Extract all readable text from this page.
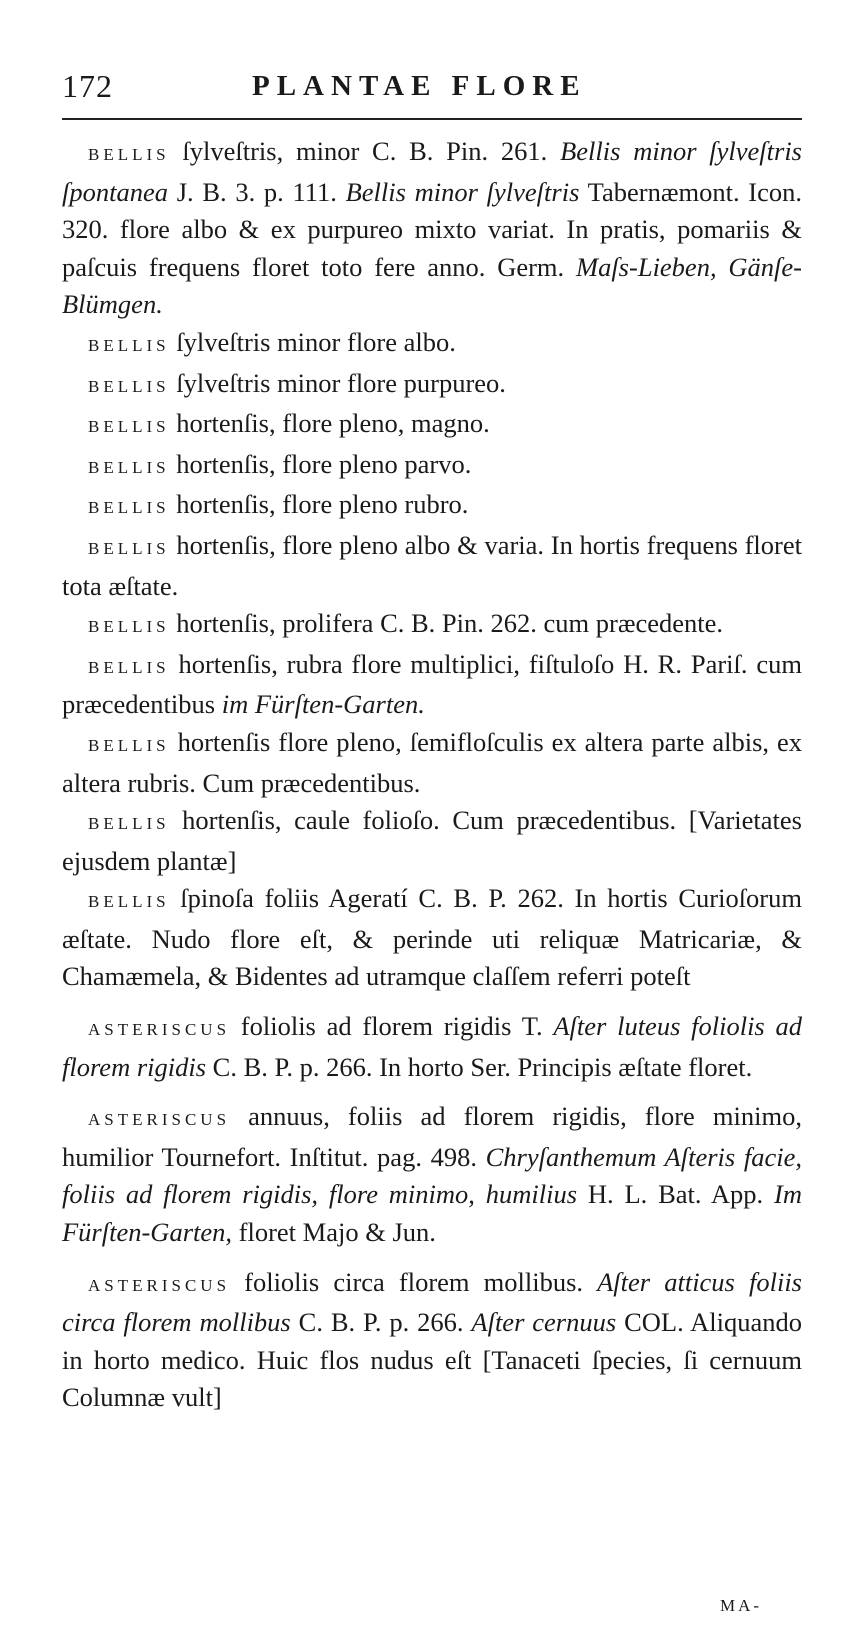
172	PLANTAE FLORE

BELLIS ſylveſtris, minor C. B. Pin. 261. Bellis minor ſylveſtris ſpontanea J. B. 3. p. 111. Bellis minor ſylveſtris Tabernæmont. Icon. 320. flore albo & ex purpureo mixto variat. In pratis, pomariis & paſcuis frequens floret toto fere anno. Germ. Maſs-Lieben, Gänſe-Blümgen.

BELLIS ſylveſtris minor flore albo.

BELLIS ſylveſtris minor flore purpureo.

BELLIS hortenſis, flore pleno, magno.

BELLIS hortenſis, flore pleno parvo.

BELLIS hortenſis, flore pleno rubro.

BELLIS hortenſis, flore pleno albo & varia. In hortis frequens floret tota æſtate.

BELLIS hortenſis, prolifera C. B. Pin. 262. cum præcedente.

BELLIS hortenſis, rubra flore multiplici, fiſtuloſo H. R. Pariſ. cum præcedentibus im Fürſten-Garten.

BELLIS hortenſis flore pleno, ſemifloſculis ex altera parte albis, ex altera rubris. Cum præcedentibus.

BELLIS hortenſis, caule folioſo. Cum præcedentibus. [Varietates ejusdem plantæ]

BELLIS ſpinoſa foliis Ageratí C. B. P. 262. In hortis Curioſorum æſtate. Nudo flore eſt, & perinde uti reliquæ Matricariæ, & Chamæmela, & Bidentes ad utramque claſſem referri poteſt

ASTERISCUS foliolis ad florem rigidis T. Aſter luteus foliolis ad florem rigidis C. B. P. p. 266. In horto Ser. Principis æſtate floret.

ASTERISCUS annuus, foliis ad florem rigidis, flore minimo, humilior Tournefort. Inſtitut. pag. 498. Chryſanthemum Aſteris facie, foliis ad florem rigidis, flore minimo, humilius H. L. Bat. App. Im Fürſten-Garten, floret Majo & Jun.

ASTERISCUS foliolis circa florem mollibus. Aſter atticus foliis circa florem mollibus C. B. P. p. 266. Aſter cernuus COL. Aliquando in horto medico. Huic flos nudus eſt [Tanaceti ſpecies, ſi cernuum Columnæ vult]

MA-
